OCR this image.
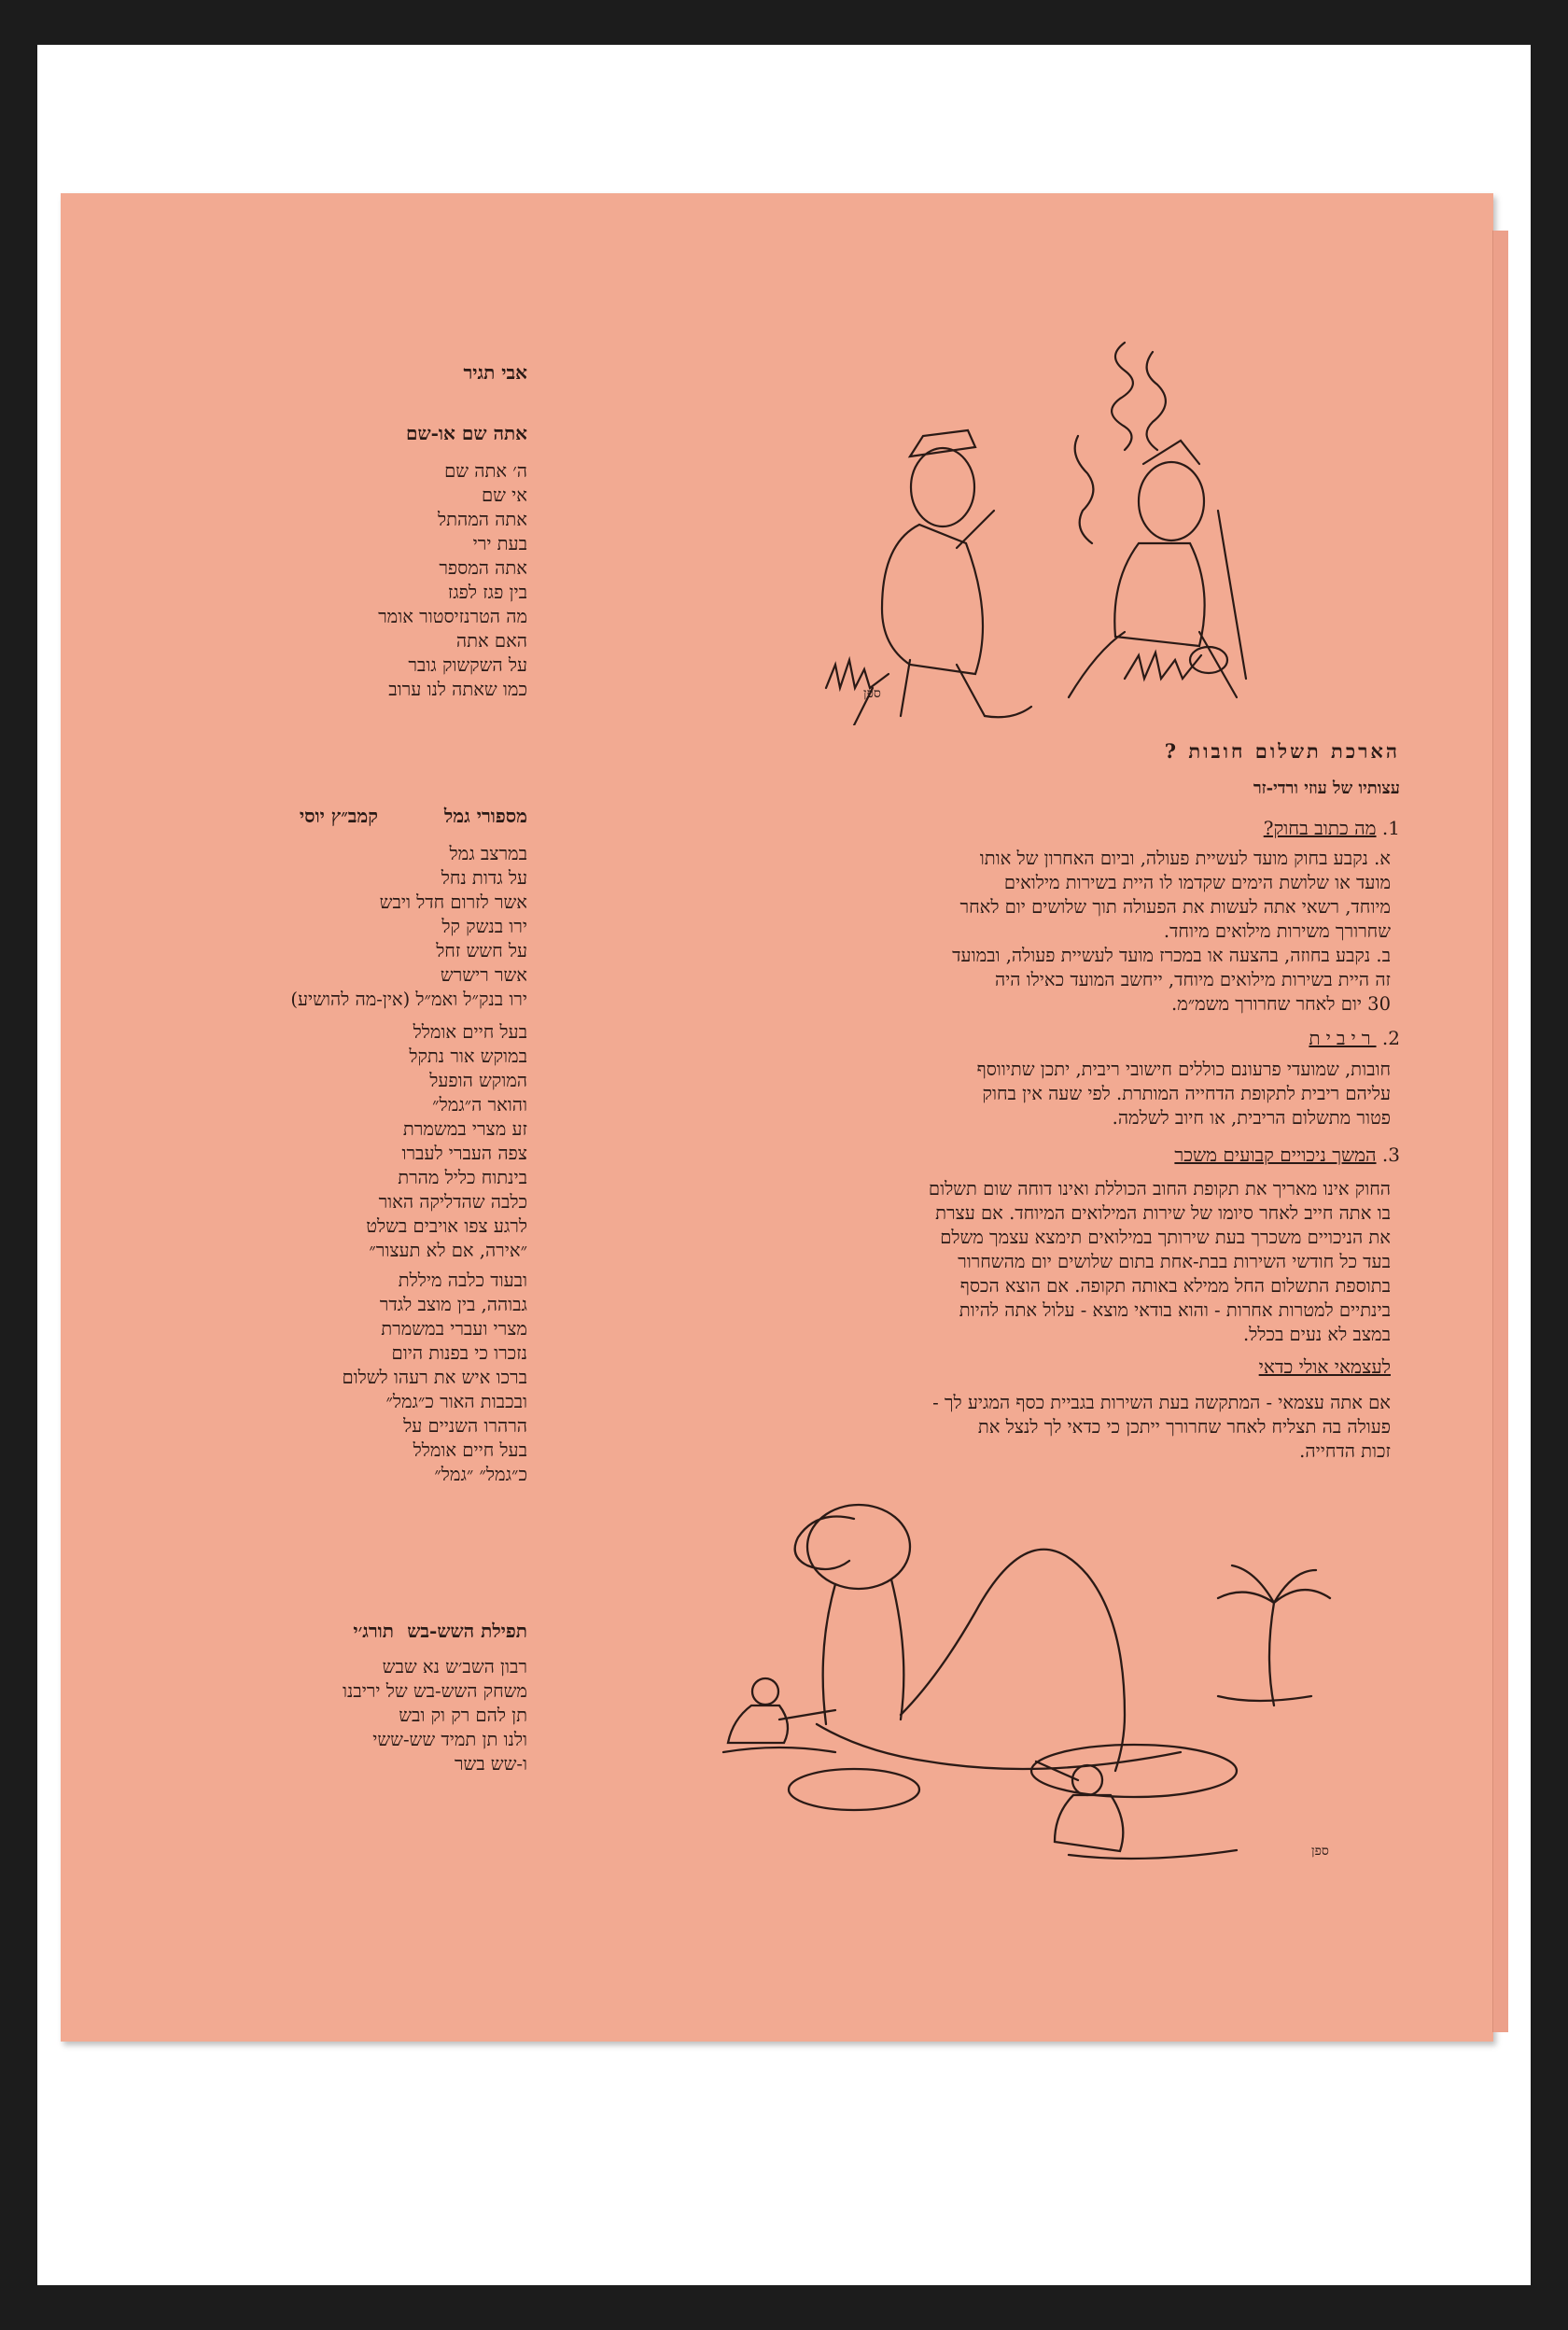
אבי תגיר
אתה שם או-שם
ה׳ אתה שם
אי שם
אתה המהתל
בעת ירי
אתה המספר
בין פגז לפגז
מה הטרנזיסטור אומר
האם אתה
על השקשוק גובר
כמו שאתה לנו ערוב
מספורי גמל
קמב״ץ יוסי
במרצב גמל
על גדות נחל
אשר לזרום חדל ויבש
ירו בנשק קל
על חשש זחל
אשר רישרש
ירו בנק״ל ואמ״ל (אין-מה להושיע)
בעל חיים אומלל
במוקש אור נתקל
המוקש הופעל
והואר ה״גמל״
זע מצרי במשמרת
צפה העברי לעברו
בינתוח כליל מהרת
כלבה שהדליקה האור
לרגע צפו אויבים בשלט
״אירה, אם לא תעצור״
ובעוד כלבה מיללת
גבוהה, בין מוצב לגדר
מצרי ועברי במשמרת
נזכרו כי בפנות היום
ברכו איש את רעהו לשלום
ובכבות האור כ״גמל״
הרהרו השניים על
בעל חיים אומלל
כ״גמל״ ״גמל״
תפילת השש-בש
תורג׳י
רבון השב׳ש נא שבש
משחק השש-בש של יריבנו
תן להם רק וק ובש
ולנו תן תמיד שש-ששי
ו-שש בשר
ספן
הארכת תשלום חובות ?
עצותיו של עוזי ורדי-זר
1. מה כתוב בחוק?
א. נקבע בחוק מועד לעשיית פעולה, וביום האחרון של אותו
מועד או שלושת הימים שקדמו לו היית בשירות מילואים
מיוחד, רשאי אתה לעשות את הפעולה תוך שלושים יום לאחר
שחרורך משירות מילואים מיוחד.
ב. נקבע בחוזה, בהצעה או במכרז מועד לעשיית פעולה, ובמועד
זה היית בשירות מילואים מיוחד, ייחשב המועד כאילו היה
30 יום לאחר שחרורך משמ״מ.
2. ריבית
חובות, שמועדי פרעונם כוללים חישובי ריבית, יתכן שתיווסף
עליהם ריבית לתקופת הדחייה המותרת. לפי שעה אין בחוק
פטור מתשלום הריבית, או חיוב לשלמה.
3. המשך ניכויים קבועים משכר
החוק אינו מאריך את תקופת החוב הכוללת ואינו דוחה שום תשלום
בו אתה חייב לאחר סיומו של שירות המילואים המיוחד. אם עצרת
את הניכויים משכרך בעת שירותך במילואים תימצא עצמך משלם
בעד כל חודשי השירות בבת-אחת בתום שלושים יום מהשחרור
בתוספת התשלום החל ממילא באותה תקופה. אם הוצא הכסף
בינתיים למטרות אחרות - והוא בודאי מוצא - עלול אתה להיות
במצב לא נעים בכלל.
לעצמאי אולי כדאי
אם אתה עצמאי - המתקשה בעת השירות בגביית כסף המגיע לך -
פעולה בה תצליח לאחר שחרורך ייתכן כי כדאי לך לנצל את
זכות הדחייה.
ספן
